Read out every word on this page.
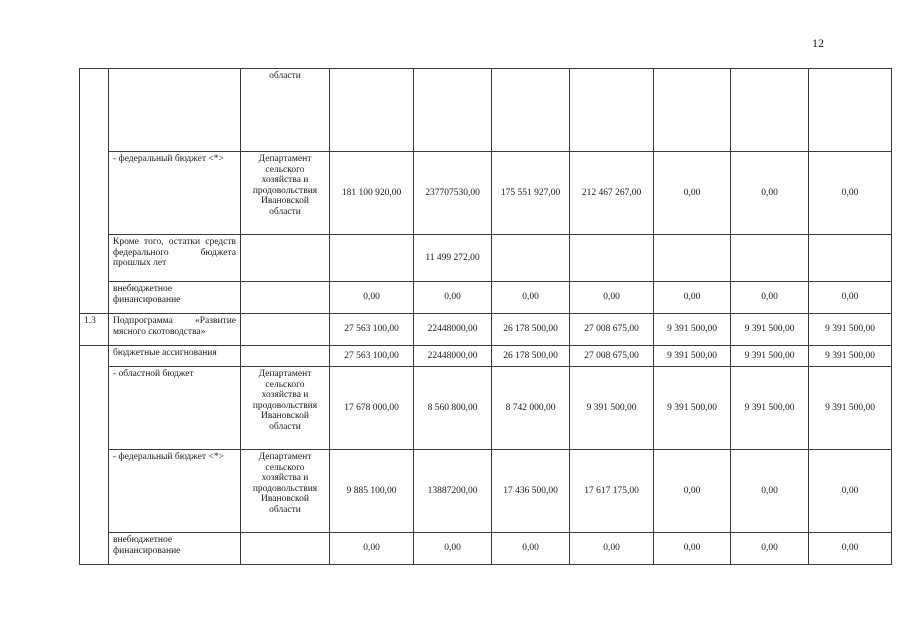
12
		области							
	- федеральный бюджет <*>	Департамент сельского хозяйства и продовольствия Ивановской области	181 100 920,00	237707530,00	175 551 927,00	212 467 267,00	0,00	0,00	0,00
	Кроме того, остатки средств федерального бюджета прошлых лет			11 499 272,00					
	внебюджетное финансирование		0,00	0,00	0,00	0,00	0,00	0,00	0,00
1.3	Подпрограмма «Развитие мясного скотоводства»		27 563 100,00	22448000,00	26 178 500,00	27 008 675,00	9 391 500,00	9 391 500,00	9 391 500,00
	бюджетные ассигнования		27 563 100,00	22448000,00	26 178 500,00	27 008 675,00	9 391 500,00	9 391 500,00	9 391 500,00
	- областной бюджет	Департамент сельского хозяйства и продовольствия Ивановской области	17 678 000,00	8 560 800,00	8 742 000,00	9 391 500,00	9 391 500,00	9 391 500,00	9 391 500,00
	- федеральный бюджет <*>	Департамент сельского хозяйства и продовольствия Ивановской области	9 885 100,00	13887200,00	17 436 500,00	17 617 175,00	0,00	0,00	0,00
	внебюджетное финансирование		0,00	0,00	0,00	0,00	0,00	0,00	0,00
